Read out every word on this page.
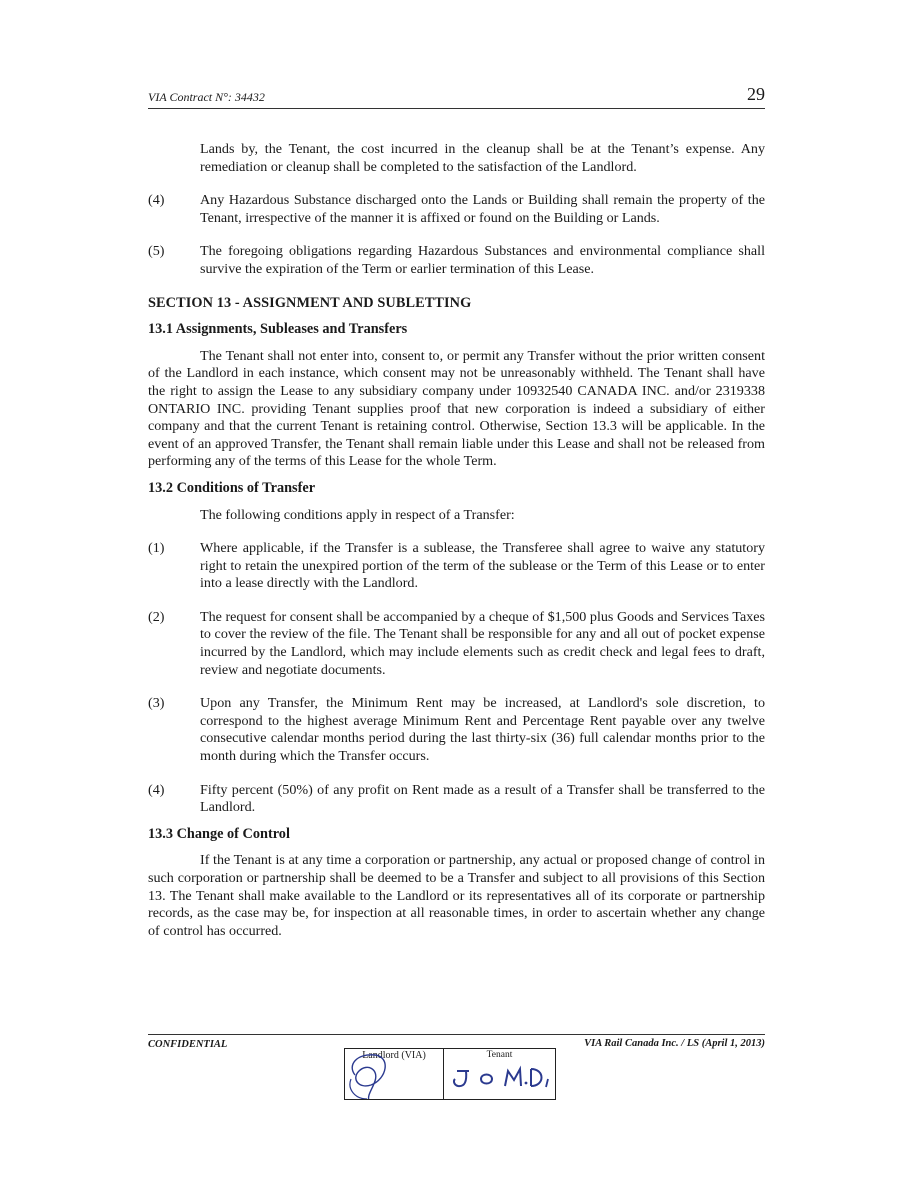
VIA Contract N°: 34432	29

Lands by, the Tenant, the cost incurred in the cleanup shall be at the Tenant’s expense. Any remediation or cleanup shall be completed to the satisfaction of the Landlord.

(4)	Any Hazardous Substance discharged onto the Lands or Building shall remain the property of the Tenant, irrespective of the manner it is affixed or found on the Building or Lands.

(5)	The foregoing obligations regarding Hazardous Substances and environmental compliance shall survive the expiration of the Term or earlier termination of this Lease.

SECTION 13 - ASSIGNMENT AND SUBLETTING
13.1 Assignments, Subleases and Transfers

The Tenant shall not enter into, consent to, or permit any Transfer without the prior written consent of the Landlord in each instance, which consent may not be unreasonably withheld. The Tenant shall have the right to assign the Lease to any subsidiary company under 10932540 CANADA INC. and/or 2319338 ONTARIO INC. providing Tenant supplies proof that new corporation is indeed a subsidiary of either company and that the current Tenant is retaining control. Otherwise, Section 13.3 will be applicable. In the event of an approved Transfer, the Tenant shall remain liable under this Lease and shall not be released from performing any of the terms of this Lease for the whole Term.

13.2 Conditions of Transfer

The following conditions apply in respect of a Transfer:

(1)	Where applicable, if the Transfer is a sublease, the Transferee shall agree to waive any statutory right to retain the unexpired portion of the term of the sublease or the Term of this Lease or to enter into a lease directly with the Landlord.

(2)	The request for consent shall be accompanied by a cheque of $1,500 plus Goods and Services Taxes to cover the review of the file. The Tenant shall be responsible for any and all out of pocket expense incurred by the Landlord, which may include elements such as credit check and legal fees to draft, review and negotiate documents.

(3)	Upon any Transfer, the Minimum Rent may be increased, at Landlord's sole discretion, to correspond to the highest average Minimum Rent and Percentage Rent payable over any twelve consecutive calendar months period during the last thirty-six (36) full calendar months prior to the month during which the Transfer occurs.

(4)	Fifty percent (50%) of any profit on Rent made as a result of a Transfer shall be transferred to the Landlord.

13.3 Change of Control

If the Tenant is at any time a corporation or partnership, any actual or proposed change of control in such corporation or partnership shall be deemed to be a Transfer and subject to all provisions of this Section 13. The Tenant shall make available to the Landlord or its representatives all of its corporate or partnership records, as the case may be, for inspection at all reasonable times, in order to ascertain whether any change of control has occurred.

CONFIDENTIAL	VIA Rail Canada Inc. / LS (April 1, 2013)
Landlord (VIA)	Tenant
